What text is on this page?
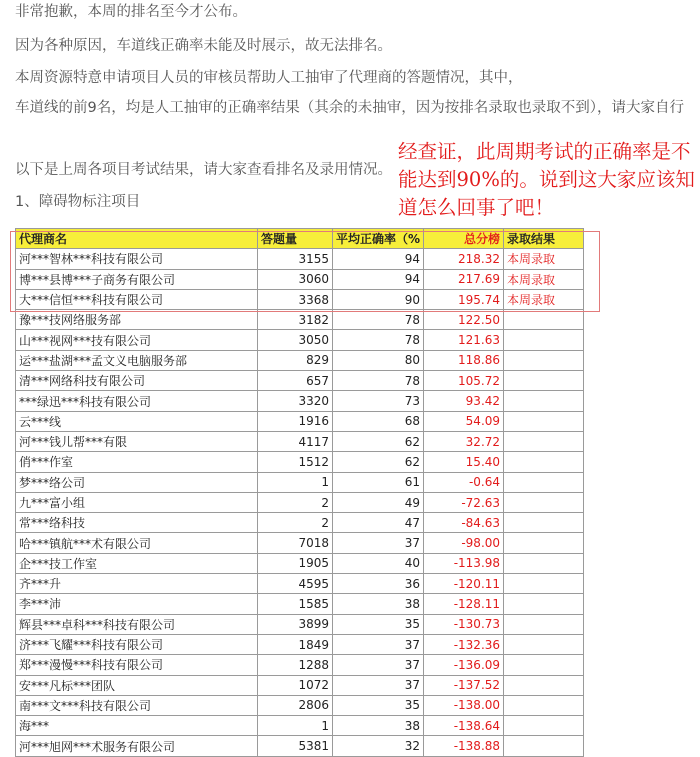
非常抱歉，本周的排名至今才公布。
因为各种原因，车道线正确率未能及时展示，故无法排名。
本周资源特意申请项目人员的审核员帮助人工抽审了代理商的答题情况，其中，
车道线的前9名，均是人工抽审的正确率结果（其余的未抽审，因为按排名录取也录取不到），请大家自行
以下是上周各项目考试结果，请大家查看排名及录用情况。
1、障碍物标注项目
经查证，此周期考试的正确率是不能达到90%的。说到这大家应该知道怎么回事了吧！
代理商名	答题量	平均正确率（%	总分榜	录取结果
河***智林***科技有限公司	3155	94	218.32	本周录取
博***县博***子商务有限公司	3060	94	217.69	本周录取
大***信恒***科技有限公司	3368	90	195.74	本周录取
豫***技网络服务部	3182	78	122.50	
山***视网***技有限公司	3050	78	121.63	
运***盐湖***孟文义电脑服务部	829	80	118.86	
清***网络科技有限公司	657	78	105.72	
***绿迅***科技有限公司	3320	73	93.42	
云***线	1916	68	54.09	
河***钱儿帮***有限	4117	62	32.72	
俏***作室	1512	62	15.40	
梦***络公司	1	61	-0.64	
九***富小组	2	49	-72.63	
常***络科技	2	47	-84.63	
哈***镇航***术有限公司	7018	37	-98.00	
企***技工作室	1905	40	-113.98	
齐***升	4595	36	-120.11	
李***沛	1585	38	-128.11	
辉县***卓科***科技有限公司	3899	35	-130.73	
济***飞耀***科技有限公司	1849	37	-132.36	
郑***漫慢***科技有限公司	1288	37	-136.09	
安***凡标***团队	1072	37	-137.52	
南***文***科技有限公司	2806	35	-138.00	
海***	1	38	-138.64	
河***旭网***术服务有限公司	5381	32	-138.88	
